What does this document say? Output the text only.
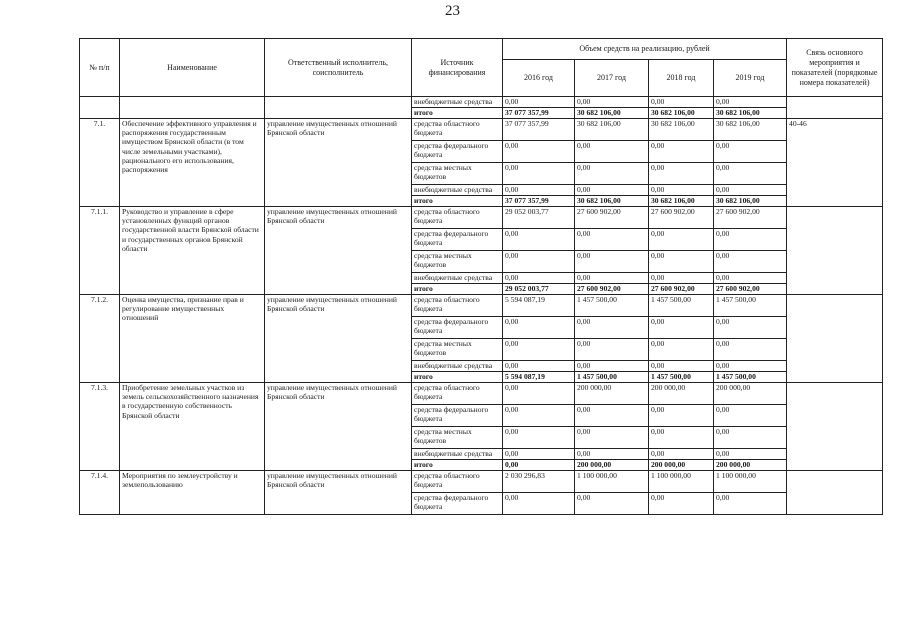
23
№ п/п	Наименование	Ответственный исполнитель, соисполнитель	Источник финансирования	Объем средств на реализацию, рублей				Связь основного мероприятия и показателей (порядковые номера показателей)
				2016 год	2017 год	2018 год	2019 год	
			внебюджетные средства	0,00	0,00	0,00	0,00	
			итого	37 077 357,99	30 682 106,00	30 682 106,00	30 682 106,00	
7.1.	Обеспечение эффективного управления и распоряжения государственным имуществом Брянской области (в том числе земельными участками), рационального его использования, распоряжения	управление имущественных отношений Брянской области	средства областного бюджета	37 077 357,99	30 682 106,00	30 682 106,00	30 682 106,00	40-46
			средства федерального бюджета	0,00	0,00	0,00	0,00	
			средства местных бюджетов	0,00	0,00	0,00	0,00	
			внебюджетные средства	0,00	0,00	0,00	0,00	
			итого	37 077 357,99	30 682 106,00	30 682 106,00	30 682 106,00	
7.1.1.	Руководство и управление в сфере установленных функций органов государственной власти Брянской области и государственных органов Брянской области	управление имущественных отношений Брянской области	средства областного бюджета	29 052 003,77	27 600 902,00	27 600 902,00	27 600 902,00	
			средства федерального бюджета	0,00	0,00	0,00	0,00	
			средства местных бюджетов	0,00	0,00	0,00	0,00	
			внебюджетные средства	0,00	0,00	0,00	0,00	
			итого	29 052 003,77	27 600 902,00	27 600 902,00	27 600 902,00	
7.1.2.	Оценка имущества, признание прав и регулирование имущественных отношений	управление имущественных отношений Брянской области	средства областного бюджета	5 594 087,19	1 457 500,00	1 457 500,00	1 457 500,00	
			средства федерального бюджета	0,00	0,00	0,00	0,00	
			средства местных бюджетов	0,00	0,00	0,00	0,00	
			внебюджетные средства	0,00	0,00	0,00	0,00	
			итого	5 594 087,19	1 457 500,00	1 457 500,00	1 457 500,00	
7.1.3.	Приобретение земельных участков из земель сельскохозяйственного назначения в государственную собственность Брянской области	управление имущественных отношений Брянской области	средства областного бюджета	0,00	200 000,00	200 000,00	200 000,00	
			средства федерального бюджета	0,00	0,00	0,00	0,00	
			средства местных бюджетов	0,00	0,00	0,00	0,00	
			внебюджетные средства	0,00	0,00	0,00	0,00	
			итого	0,00	200 000,00	200 000,00	200 000,00	
7.1.4.	Мероприятия по землеустройству и землепользованию	управление имущественных отношений Брянской области	средства областного бюджета	2 030 296,83	1 100 000,00	1 100 000,00	1 100 000,00	
			средства федерального бюджета	0,00	0,00	0,00	0,00	
